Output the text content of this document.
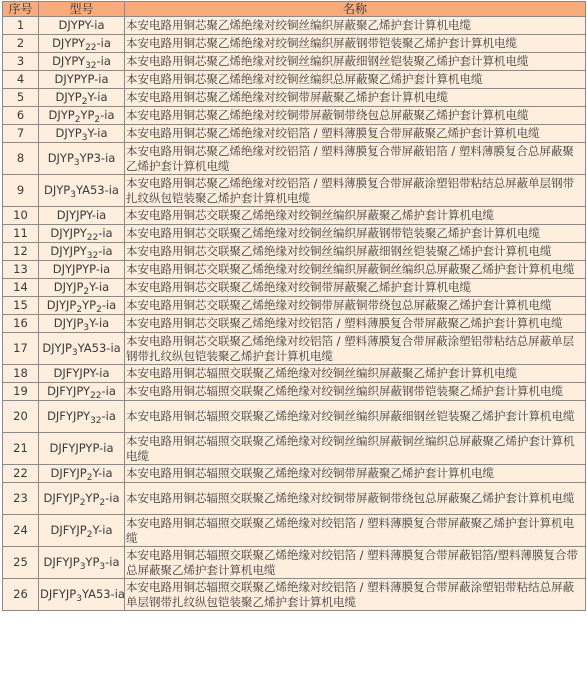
序号	型号	名称
1	DJYPY-ia	本安电路用铜芯聚乙烯绝缘对绞铜丝编织屏蔽聚乙烯护套计算机电缆
2	$DJYPY_{22}-ia$	本安电路用铜芯聚乙烯绝缘对绞铜丝编织屏蔽钢带铠装聚乙烯护套计算机电缆
3	$DJYPY_{32}-ia$	本安电路用铜芯聚乙烯绝缘对绞铜丝编织屏蔽细钢丝铠装聚乙烯护套计算机电缆
4	DJYPYP-ia	本安电路用铜芯聚乙烯绝缘对绞铜丝编织总屏蔽聚乙烯护套计算机电缆
5	$DJYP_2Y-ia$	本安电路用铜芯聚乙烯绝缘对绞铜带屏蔽聚乙烯护套计算机电缆
6	$DJYP_2YP_2-ia$	本安电路用铜芯聚乙烯绝缘对绞铜带屏蔽铜带绕包总屏蔽聚乙烯护套计算机电缆
7	$DJYP_3Y-ia$	本安电路用铜芯聚乙烯绝缘对绞铝箔 / 塑料薄膜复合带屏蔽聚乙烯护套计算机电缆
8	$DJYP_3YP3-ia$	本安电路用铜芯聚乙烯绝缘对绞铝箔 / 塑料薄膜复合带屏蔽铝箔 / 塑料薄膜复合总屏蔽聚乙烯护套计算机电缆
9	$DJYP_3YA53-ia$	本安电路用铜芯聚乙烯绝缘对绞铝箔 / 塑料薄膜复合带屏蔽涂塑铝带粘结总屏蔽单层钢带扎纹纵包铠装聚乙烯护套计算机电缆
10	DJYJPY-ia	本安电路用铜芯交联聚乙烯绝缘对绞铜丝编织屏蔽聚乙烯护套计算机电缆
11	$DJYJPY_{22}-ia$	本安电路用铜芯交联聚乙烯绝缘对绞铜丝编织屏蔽钢带铠装聚乙烯护套计算机电缆
12	$DJYJPY_{32}-ia$	本安电路用铜芯交联聚乙烯绝缘对绞铜丝编织屏蔽细钢丝铠装聚乙烯护套计算机电缆
13	DJYJPYP-ia	本安电路用铜芯交联聚乙烯绝缘对绞铜丝编织屏蔽铜丝编织总屏蔽聚乙烯护套计算机电缆
14	$DJYJP_2Y-ia$	本安电路用铜芯交联聚乙烯绝缘对绞铜带屏蔽聚乙烯护套计算机电缆
15	$DJYJP_2YP_2-ia$	本安电路用铜芯交联聚乙烯绝缘对绞铜带屏蔽铜带绕包总屏蔽聚乙烯护套计算机电缆
16	$DJYJP_3Y-ia$	本安电路用铜芯交联聚乙烯绝缘对绞铝箔 / 塑料薄膜复合带屏蔽聚乙烯护套计算机电缆
17	$DJYJP_3YA53-ia$	本安电路用铜芯交联聚乙烯绝缘对绞铝箔 / 塑料薄膜复合带屏蔽涂塑铝带粘结总屏蔽单层钢带扎纹纵包铠装聚乙烯护套计算机电缆
18	DJFYJPY-ia	本安电路用铜芯辐照交联聚乙烯绝缘对绞铜丝编织屏蔽聚乙烯护套计算机电缆
19	$DJFYJPY_{22}-ia$	本安电路用铜芯辐照交联聚乙烯绝缘对绞铜丝编织屏蔽钢带铠装聚乙烯护套计算机电缆
20	$DJFYJPY_{32}-ia$	本安电路用铜芯辐照交联聚乙烯绝缘对绞铜丝编织屏蔽细钢丝铠装聚乙烯护套计算机电缆
21	DJFYJPYP-ia	本安电路用铜芯辐照交联聚乙烯绝缘对绞铜丝编织屏蔽铜丝编织总屏蔽聚乙烯护套计算机电缆
22	$DJFYJP_2Y-ia$	本安电路用铜芯辐照交联聚乙烯绝缘对绞铜带屏蔽聚乙烯护套计算机电缆
23	$DJFYJP_2YP_2-ia$	本安电路用铜芯辐照交联聚乙烯绝缘对绞铜带屏蔽铜带绕包总屏蔽聚乙烯护套计算机电缆
24	$DJFYJP_2Y-ia$	本安电路用铜芯辐照交联聚乙烯绝缘对绞铝箔 / 塑料薄膜复合带屏蔽聚乙烯护套计算机电缆
25	$DJFYJP_3YP_3-ia$	本安电路用铜芯辐照交联聚乙烯绝缘对绞铝箔 / 塑料薄膜复合带屏蔽铝箔/塑料薄膜复合带总屏蔽聚乙烯护套计算机电缆
26	$DJFYJP_3YA53-ia$	本安电路用铜芯辐照交联聚乙烯绝缘对绞铝箔 / 塑料薄膜复合带屏蔽涂塑铝带粘结总屏蔽单层钢带扎纹纵包铠装聚乙烯护套计算机电缆
